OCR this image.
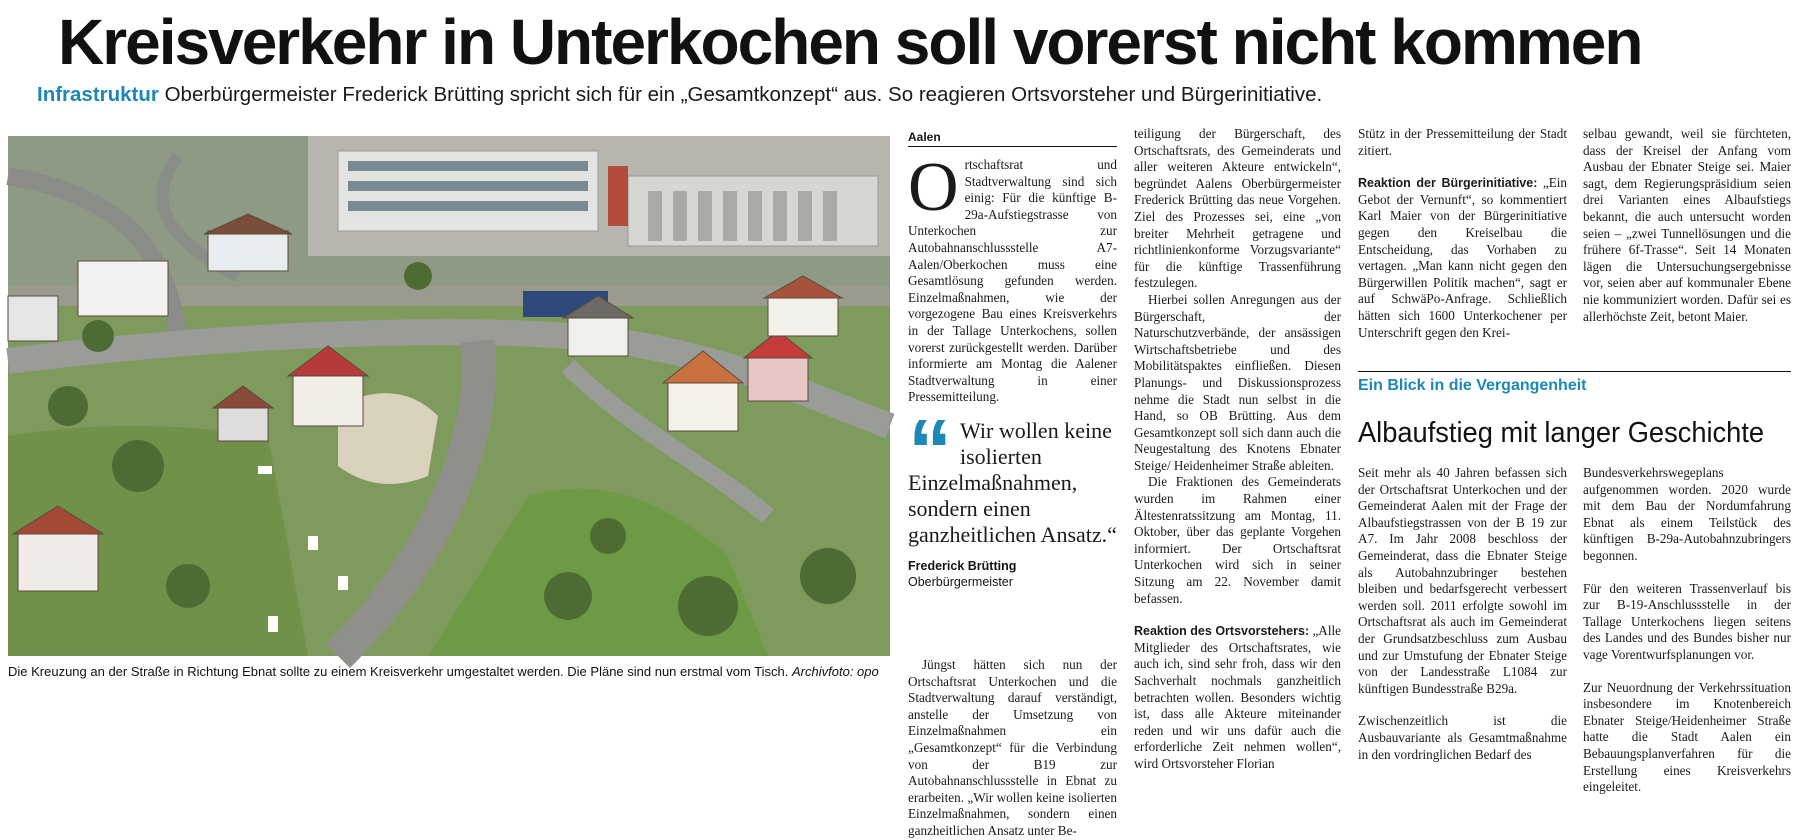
Kreisverkehr in Unterkochen soll vorerst nicht kommen
Infrastruktur Oberbürgermeister Frederick Brütting spricht sich für ein „Gesamtkonzept“ aus. So reagieren Ortsvorsteher und Bürgerinitiative.
Die Kreuzung an der Straße in Richtung Ebnat sollte zu einem Kreisverkehr umgestaltet werden. Die Pläne sind nun erstmal vom Tisch. Archivfoto: opo
Aalen
O rtschaftsrat und Stadtverwaltung sind sich einig: Für die künftige B-29a-Aufstiegstrasse von Unterkochen zur Autobahnanschlussstelle A7-Aalen/Oberkochen muss eine Gesamtlösung gefunden werden. Einzelmaßnahmen, wie der vorgezogene Bau eines Kreisverkehrs in der Tallage Unterkochens, sollen vorerst zurückgestellt werden. Darüber informierte am Montag die Aalener Stadtverwaltung in einer Pressemitteilung.
“ Wir wollen keine isolierten Einzelmaßnahmen, sondern einen ganzheitlichen Ansatz.“
Frederick Brütting
Oberbürgermeister

Jüngst hätten sich nun der Ortschaftsrat Unterkochen und die Stadtverwaltung darauf verständigt, anstelle der Umsetzung von Einzelmaßnahmen ein „Gesamtkonzept“ für die Verbindung von der B19 zur Autobahnanschlussstelle in Ebnat zu erarbeiten. „Wir wollen keine isolierten Einzelmaßnahmen, sondern einen ganzheitlichen Ansatz unter Be-

teiligung der Bürgerschaft, des Ortschaftsrats, des Gemeinderats und aller weiteren Akteure entwickeln“, begründet Aalens Oberbürgermeister Frederick Brütting das neue Vorgehen. Ziel des Prozesses sei, eine „von breiter Mehrheit getragene und richtlinienkonforme Vorzugsvariante“ für die künftige Trassenführung festzulegen.

Hierbei sollen Anregungen aus der Bürgerschaft, der Naturschutzverbände, der ansässigen Wirtschaftsbetriebe und des Mobilitätspaktes einfließen. Diesen Planungs- und Diskussionsprozess nehme die Stadt nun selbst in die Hand, so OB Brütting. Aus dem Gesamtkonzept soll sich dann auch die Neugestaltung des Knotens Ebnater Steige/ Heidenheimer Straße ableiten.

Die Fraktionen des Gemeinderats wurden im Rahmen einer Ältestenratssitzung am Montag, 11. Oktober, über das geplante Vorgehen informiert. Der Ortschaftsrat Unterkochen wird sich in seiner Sitzung am 22. November damit befassen.

Reaktion des Ortsvorstehers: „Alle Mitglieder des Ortschaftsrates, wie auch ich, sind sehr froh, dass wir den Sachverhalt nochmals ganzheitlich betrachten wollen. Besonders wichtig ist, dass alle Akteure miteinander reden und wir uns dafür auch die erforderliche Zeit nehmen wollen“, wird Ortsvorsteher Florian

Stütz in der Pressemitteilung der Stadt zitiert.

Reaktion der Bürgerinitiative: „Ein Gebot der Vernunft“, so kommentiert Karl Maier von der Bürgerinitiative gegen den Kreiselbau die Entscheidung, das Vorhaben zu vertagen. „Man kann nicht gegen den Bürgerwillen Politik machen“, sagt er auf SchwäPo-Anfrage. Schließlich hätten sich 1600 Unterkochener per Unterschrift gegen den Krei-

selbau gewandt, weil sie fürchteten, dass der Kreisel der Anfang vom Ausbau der Ebnater Steige sei. Maier sagt, dem Regierungspräsidium seien drei Varianten eines Albaufstiegs bekannt, die auch untersucht worden seien – „zwei Tunnellösungen und die frühere 6f-Trasse“. Seit 14 Monaten lägen die Untersuchungsergebnisse vor, seien aber auf kommunaler Ebene nie kommuniziert worden. Dafür sei es allerhöchste Zeit, betont Maier.

Ein Blick in die Vergangenheit
Albaufstieg mit langer Geschichte

Seit mehr als 40 Jahren befassen sich der Ortschaftsrat Unterkochen und der Gemeinderat Aalen mit der Frage der Albaufstiegstrassen von der B 19 zur A7. Im Jahr 2008 beschloss der Gemeinderat, dass die Ebnater Steige als Autobahnzubringer bestehen bleiben und bedarfsgerecht verbessert werden soll. 2011 erfolgte sowohl im Ortschaftsrat als auch im Gemeinderat der Grundsatzbeschluss zum Ausbau und zur Umstufung der Ebnater Steige von der Landesstraße L1084 zur künftigen Bundesstraße B29a.

Zwischenzeitlich ist die Ausbauvariante als Gesamtmaßnahme in den vordringlichen Bedarf des

Bundesverkehrswegeplans aufgenommen worden. 2020 wurde mit dem Bau der Nordumfahrung Ebnat als einem Teilstück des künftigen B-29a-Autobahnzubringers begonnen.

Für den weiteren Trassenverlauf bis zur B-19-Anschlussstelle in der Tallage Unterkochens liegen seitens des Landes und des Bundes bisher nur vage Vorentwurfsplanungen vor.

Zur Neuordnung der Verkehrssituation insbesondere im Knotenbereich Ebnater Steige/Heidenheimer Straße hatte die Stadt Aalen ein Bebauungsplanverfahren für die Erstellung eines Kreisverkehrs eingeleitet.
